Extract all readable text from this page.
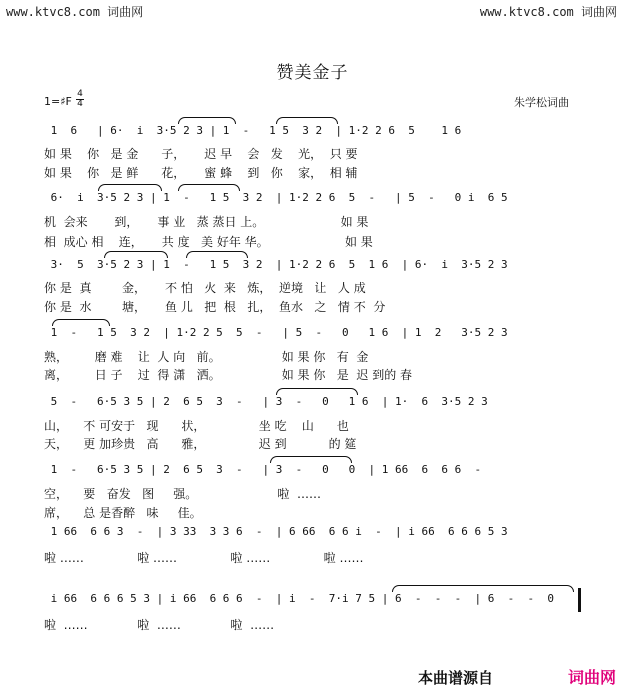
www.ktvc8.com 词曲网	www.ktvc8.com 词曲网
赞美金子
1=♯F
4
4	朱学松词曲
1  6   | 6·  i  3·5 2 3 | 1  -   1 5  3 2  | 1·2 2 6  5    1 6
如 果    你   是 金      子，     迟 早    会   发    光，  只 要
如 果    你   是 鲜      花，     蜜 蜂    到   你    家，  相 辅
6·  i  3·5 2 3 | 1  -   1 5  3 2  | 1·2 2 6  5  -   | 5  -   0 i  6 5
机  会来       到，     事 业   蒸 蒸日 上。                    如 果
相  成心 相    连，     共 度   美 好年 华。                    如 果
3·  5  3·5 2 3 | 1  -   1 5  3 2  | 1·2 2 6  5  1 6  | 6·  i  3·5 2 3
你 是  真        金，     不 怕   火  来   炼，  逆境   让   人 成
你 是  水        塘，     鱼 儿   把  根   扎，  鱼水   之   情 不  分
1  -   1 5  3 2  | 1·2 2 5  5  -   | 5  -   0   1 6  | 1  2   3·5 2 3
熟，       磨 难    让  人 向   前。                如 果 你   有  金
离，       日 子    过  得 潇   洒。                如 果 你   是  迟 到的 春
5  -   6·5 3 5 | 2  6 5  3  -   | 3  -   0   1 6  | 1·  6  3·5 2 3
山，    不 可安于   现      状，              坐 吃    山      也
天，    更 加珍贵   高      雅，              迟 到           的 筵
1  -   6·5 3 5 | 2  6 5  3  -   | 3  -   0   0  | 1 66  6  6 6  -
空，    要   奋发   图     强。                     啦  ……
席，    总 是香醉   味     佳。
1 66  6 6 3  -  | 3 33  3 3 6  -  | 6 66  6 6 i  -  | i 66  6 6 6 5 3
啦 ……              啦 ……              啦 ……              啦 ……
i 66  6 6 6 5 3 | i 66  6 6 6  -  | i  -  7·i 7 5 | 6  -  -  -  | 6  -  -  0
啦  ……             啦  ……             啦  ……
本曲谱源自	词曲网
